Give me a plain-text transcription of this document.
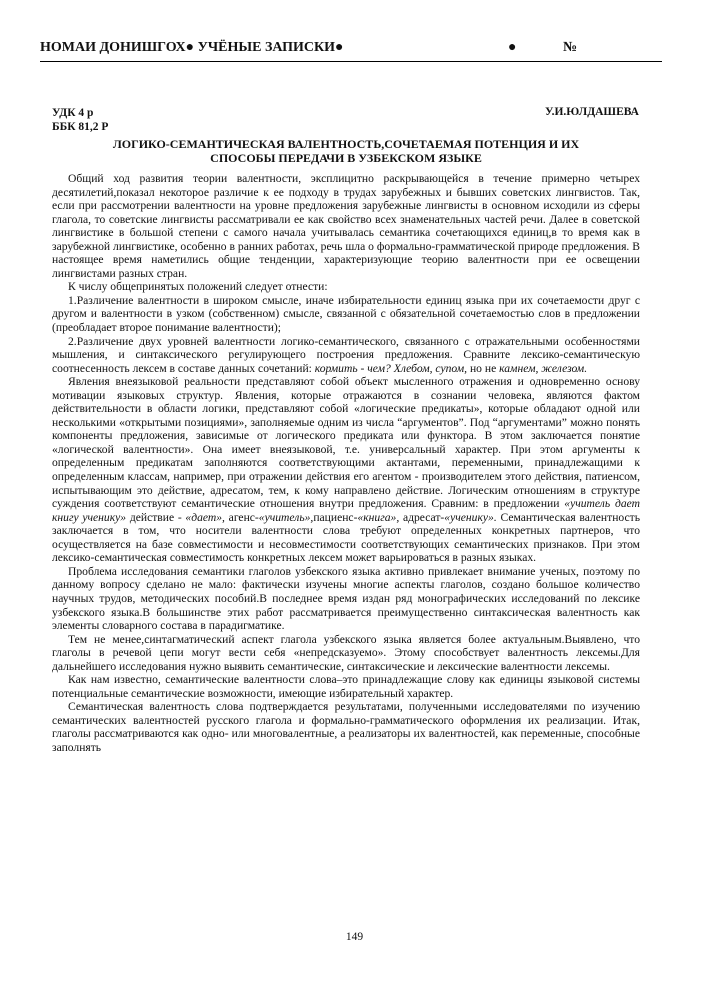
НОМАИ ДОНИШГОХ● УЧЁНЫЕ ЗАПИСКИ●	●	№
УДК 4 р
ББК 81,2 Р
У.И.ЮЛДАШЕВА
ЛОГИКО-СЕМАНТИЧЕСКАЯ ВАЛЕНТНОСТЬ,СОЧЕТАЕМАЯ ПОТЕНЦИЯ И ИХ
СПОСОБЫ ПЕРЕДАЧИ В УЗБЕКСКОМ ЯЗЫКЕ

Общий ход развития теории валентности, эксплицитно раскрывающейся в течение примерно четырех десятилетий,показал некоторое различие к ее подходу в трудах зарубежных и бывших советских лингвистов. Так, если при рассмотрении валентности на уровне предложения зарубежные лингвисты в основном исходили из сферы глагола, то советские лингвисты рассматривали ее как свойство всех знаменательных частей речи. Далее в советской лингвистике в большой степени с самого начала учитывалась семантика сочетающихся единиц,в то время как в зарубежной лингвистике, особенно в ранних работах, речь шла о формально-грамматической природе предложения. В настоящее время наметились общие тенденции, характеризующие теорию валентности при ее освещении лингвистами разных стран.

К числу общепринятых положений следует отнести:

1.Различение валентности в широком смысле, иначе избирательности единиц языка при их сочетаемости друг с другом и валентности в узком (собственном) смысле, связанной с обязательной сочетаемостью слов в предложении (преобладает второе понимание валентности);

2.Различение двух уровней валентности логико-семантического, связанного с отражательными особенностями мышления, и синтаксического регулирующего построения предложения. Сравните лексико-семантическую соотнесенность лексем в составе данных сочетаний: кормить - чем? Хлебом, супом, но не камнем, железом.

Явления внеязыковой реальности представляют собой объект мысленного отражения и одновременно основу мотивации языковых структур. Явления, которые отражаются в сознании человека, являются фактом действительности в области логики, представляют собой «логические предикаты», которые обладают одной или несколькими «открытыми позициями», заполняемые одним из числа “аргументов”. Под “аргументами” можно понять компоненты предложения, зависимые от логического предиката или функтора. В этом заключается понятие «логической валентности». Она имеет внеязыковой, т.е. универсальный характер. При этом аргументы к определенным предикатам заполняются соответствующими актантами, переменными, принадлежащими к определенным классам, например, при отражении действия его агентом - производителем этого действия, патиенсом, испытывающим это действие, адресатом, тем, к кому направлено действие. Логическим отношениям в структуре суждения соответствуют семантические отношения внутри предложения. Сравним: в предложении «учитель дает книгу ученику» действие - «дает», агенс-«учитель»,пациенс-«книга», адресат-«ученику». Семантическая валентность заключается в том, что носители валентности слова требуют определенных конкретных партнеров, что осуществляется на базе совместимости и несовместимости соответствующих семантических признаков. При этом лексико-семантическая совместимость конкретных лексем может варьироваться в разных языках.

Проблема исследования семантики глаголов узбекского языка активно привлекает внимание ученых, поэтому по данному вопросу сделано не мало: фактически изучены многие аспекты глаголов, создано большое количество научных трудов, методических пособий.В последнее время издан ряд монографических исследований по лексике узбекского языка.В большинстве этих работ рассматривается преимущественно синтаксическая валентность как элементы словарного состава в парадигматике.

Тем не менее,синтагматический аспект глагола узбекского языка является более актуальным.Выявлено, что глаголы в речевой цепи могут вести себя «непредсказуемо». Этому способствует валентность лексемы.Для дальнейшего исследования нужно выявить семантические, синтаксические и лексические валентности лексемы.

Как нам известно, семантические валентности слова–это принадлежащие слову как единицы языковой системы потенциальные семантические возможности, имеющие избирательный характер.

Семантическая валентность слова подтверждается результатами, полученными исследователями по изучению семантических валентностей русского глагола и формально-грамматического оформления их реализации. Итак, глаголы рассматриваются как одно- или многовалентные, а реализаторы их валентностей, как переменные, способные заполнять

149
